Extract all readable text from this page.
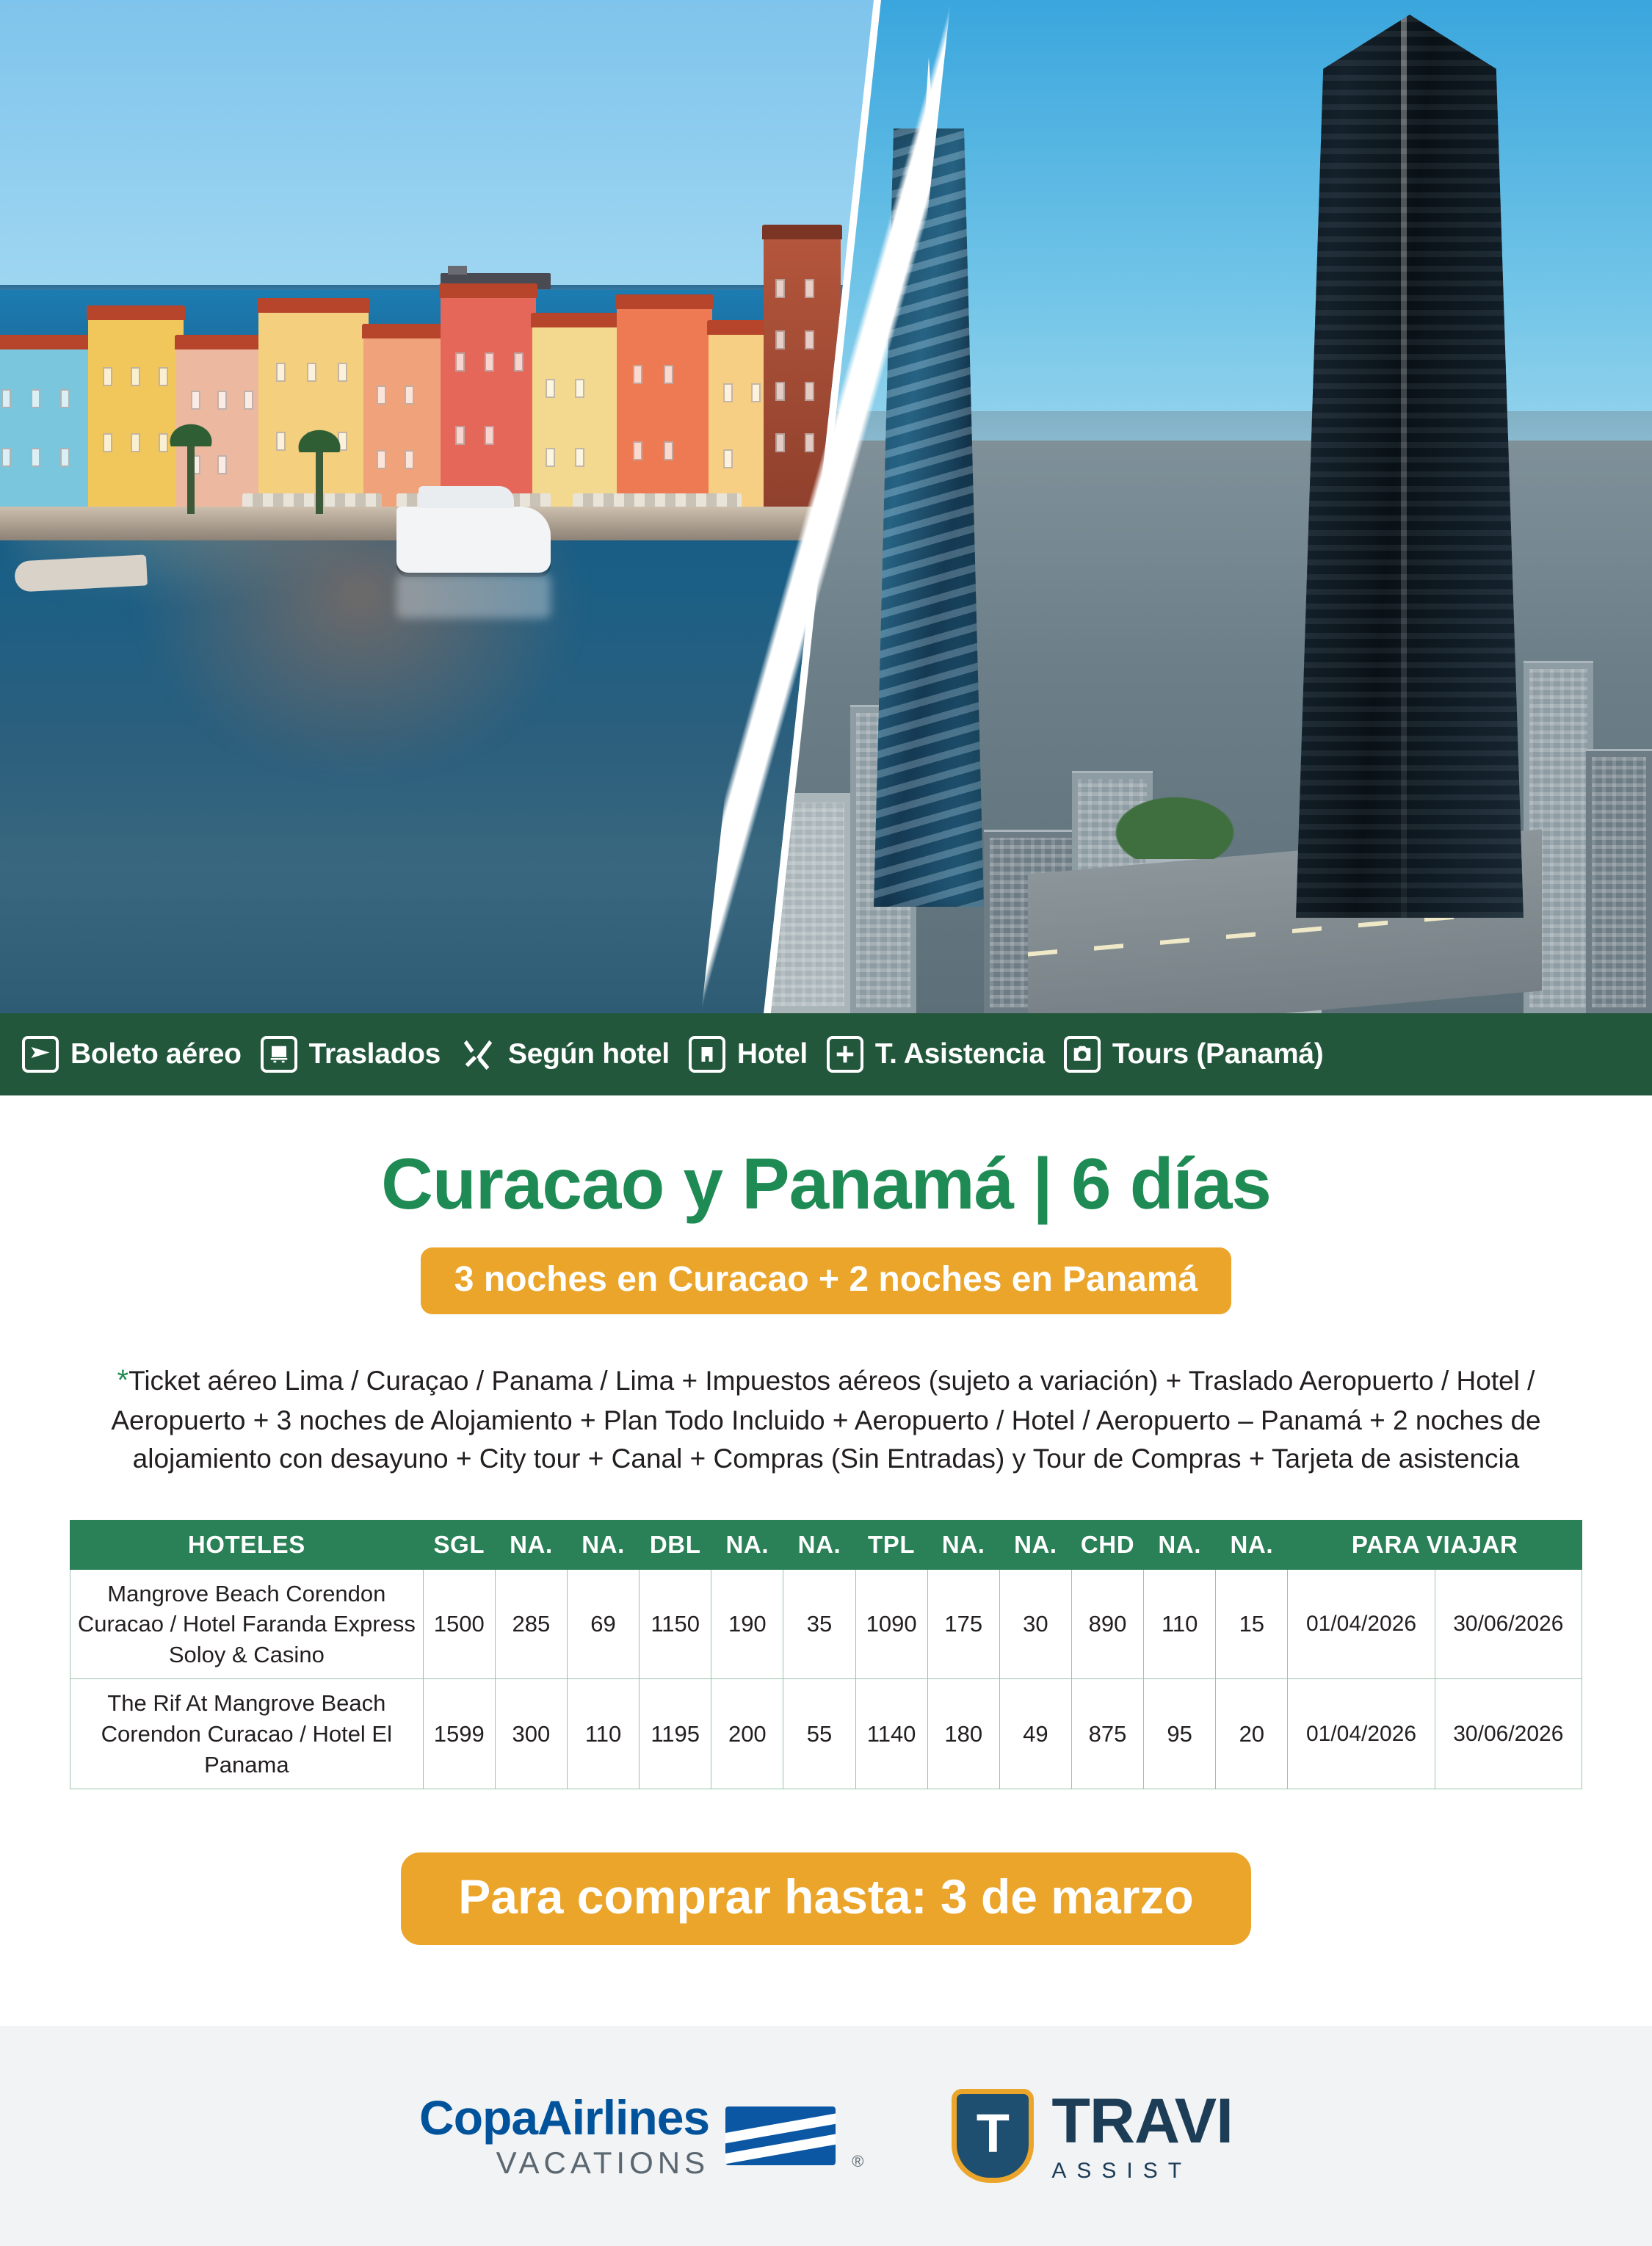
Boleto aéreo Traslados Según hotel Hotel T. Asistencia Tours (Panamá)
Curacao y Panamá | 6 días
3 noches en Curacao + 2 noches en Panamá
*Ticket aéreo Lima / Curaçao / Panama / Lima + Impuestos aéreos (sujeto a variación) + Traslado Aeropuerto / Hotel / Aeropuerto + 3 noches de Alojamiento + Plan Todo Incluido + Aeropuerto / Hotel / Aeropuerto – Panamá + 2 noches de alojamiento con desayuno + City tour + Canal + Compras (Sin Entradas) y Tour de Compras + Tarjeta de asistencia
HOTELES	SGL	NA.	NA.	DBL	NA.	NA.	TPL	NA.	NA.	CHD	NA.	NA.	PARA VIAJAR	
Mangrove Beach Corendon Curacao / Hotel Faranda Express Soloy & Casino	1500	285	69	1150	190	35	1090	175	30	890	110	15	01/04/2026	30/06/2026
The Rif At Mangrove Beach Corendon Curacao / Hotel El Panama	1599	300	110	1195	200	55	1140	180	49	875	95	20	01/04/2026	30/06/2026
Para comprar hasta: 3 de marzo
CopaAirlines
VACATIONS	® T TRAVI
ASSIST
